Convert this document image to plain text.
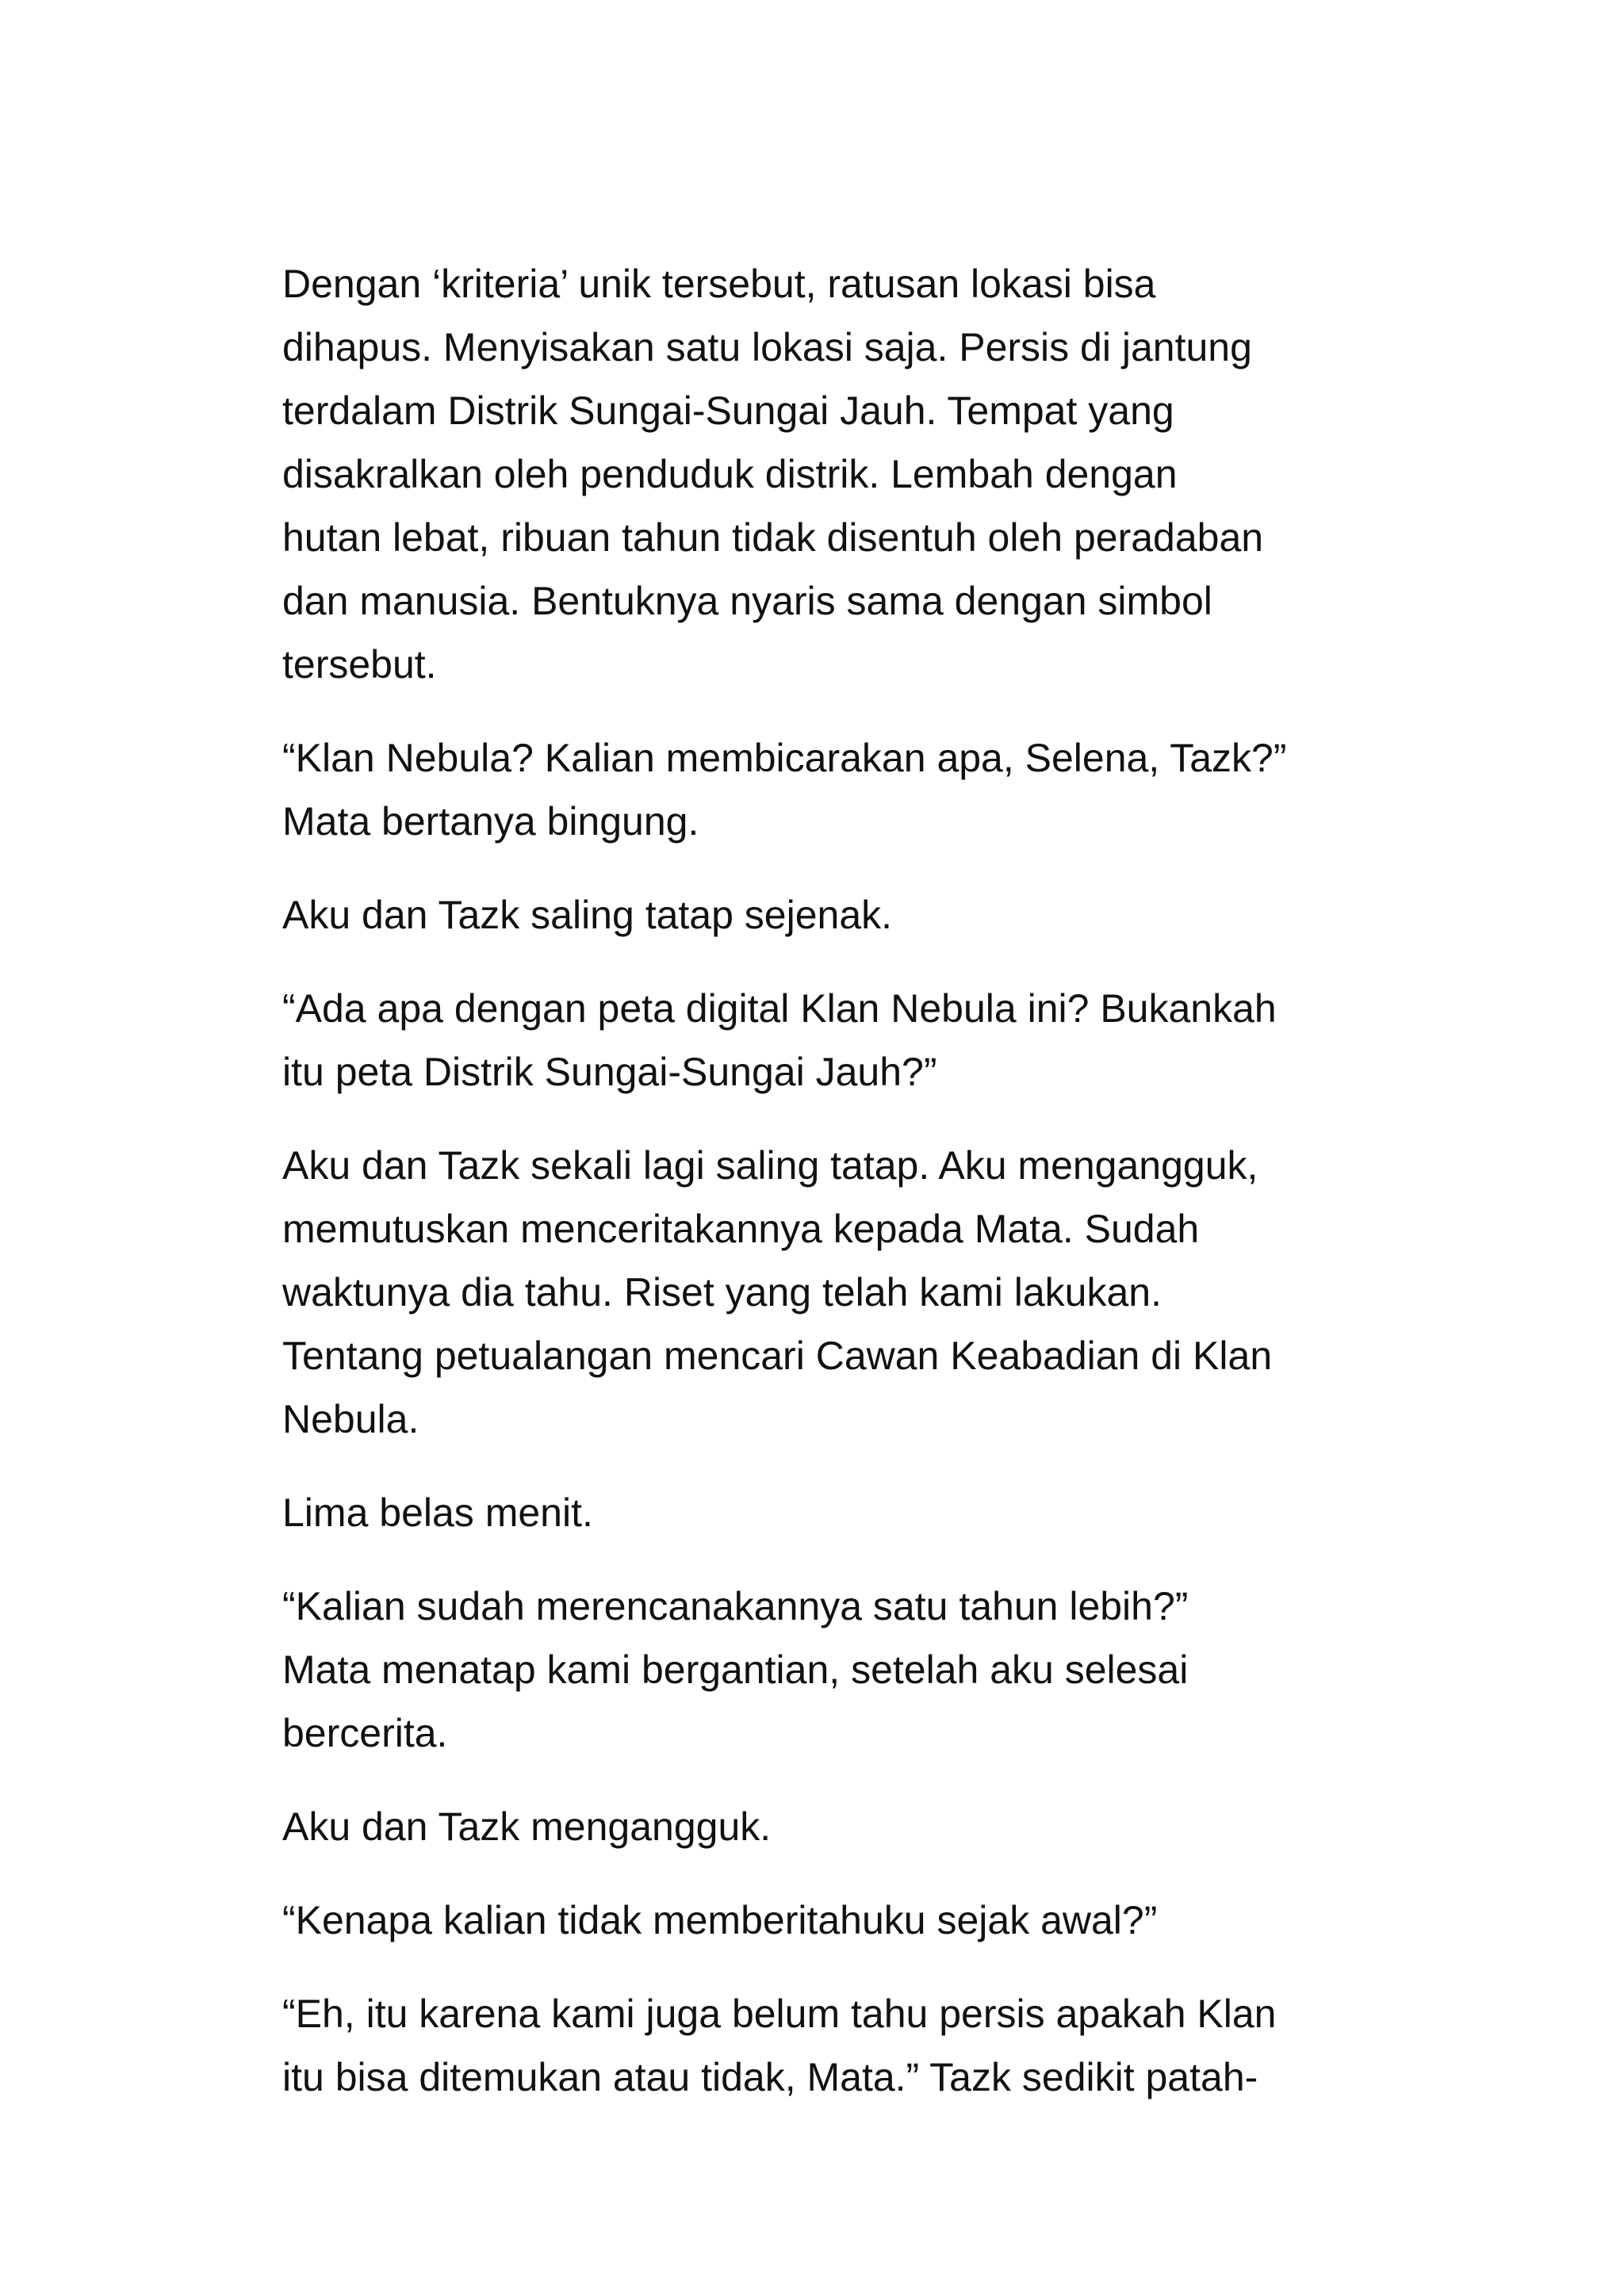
Dengan ‘kriteria’ unik tersebut, ratusan lokasi bisa
dihapus. Menyisakan satu lokasi saja. Persis di jantung
terdalam Distrik Sungai-Sungai Jauh. Tempat yang
disakralkan oleh penduduk distrik. Lembah dengan
hutan lebat, ribuan tahun tidak disentuh oleh peradaban
dan manusia. Bentuknya nyaris sama dengan simbol
tersebut.

“Klan Nebula? Kalian membicarakan apa, Selena, Tazk?”
Mata bertanya bingung.

Aku dan Tazk saling tatap sejenak.

“Ada apa dengan peta digital Klan Nebula ini? Bukankah
itu peta Distrik Sungai-Sungai Jauh?”

Aku dan Tazk sekali lagi saling tatap. Aku mengangguk,
memutuskan menceritakannya kepada Mata. Sudah
waktunya dia tahu. Riset yang telah kami lakukan.
Tentang petualangan mencari Cawan Keabadian di Klan
Nebula.

Lima belas menit.

“Kalian sudah merencanakannya satu tahun lebih?”
Mata menatap kami bergantian, setelah aku selesai
bercerita.

Aku dan Tazk mengangguk.

“Kenapa kalian tidak memberitahuku sejak awal?”

“Eh, itu karena kami juga belum tahu persis apakah Klan
itu bisa ditemukan atau tidak, Mata.” Tazk sedikit patah-
